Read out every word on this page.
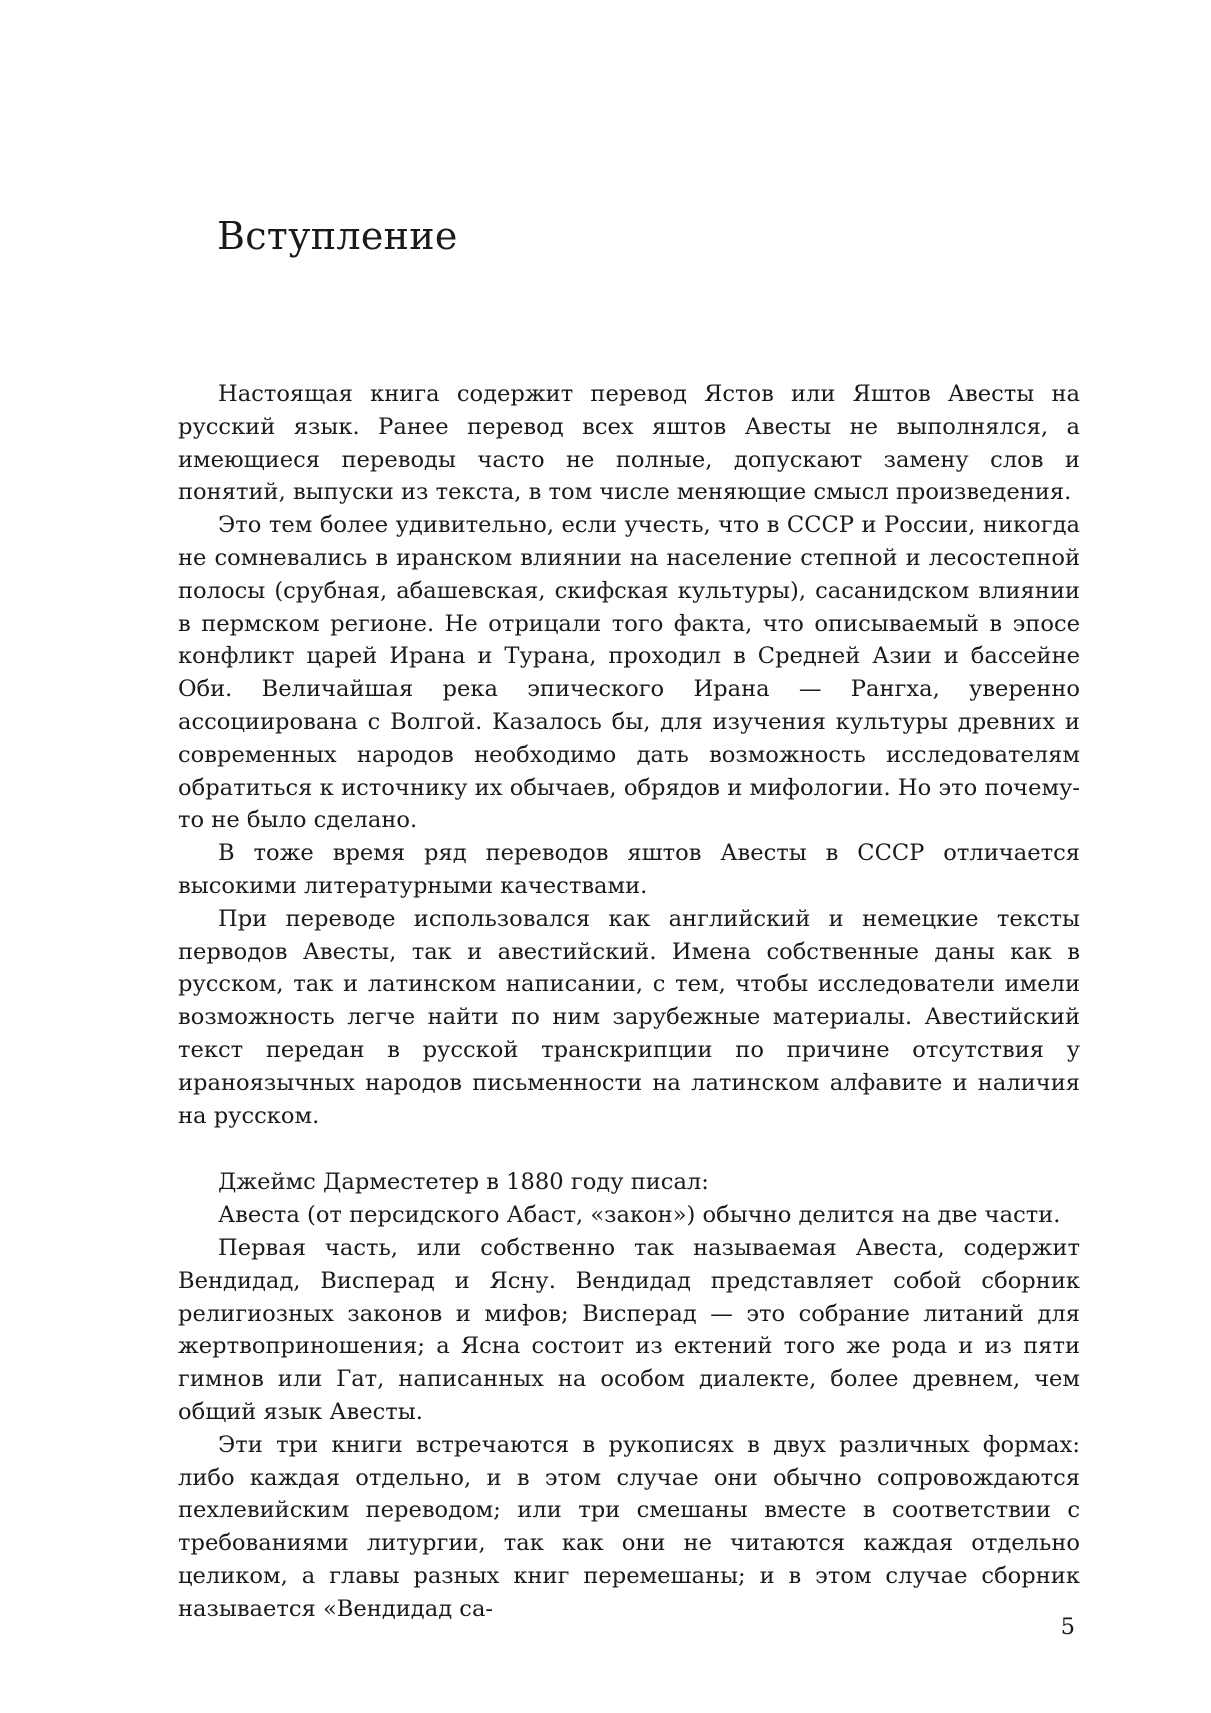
Вступление

Настоящая книга содержит перевод Ястов или Яштов Авесты на русский язык. Ранее перевод всех яштов Авесты не выполнялся, а имеющиеся переводы часто не полные, допускают замену слов и понятий, выпуски из текста, в том числе меняющие смысл произведения.

Это тем более удивительно, если учесть, что в СССР и России, никогда не сомневались в иранском влиянии на население степной и лесостепной полосы (срубная, абашевская, скифская культуры), сасанидском влиянии в пермском регионе. Не отрицали того факта, что описываемый в эпосе конфликт царей Ирана и Турана, проходил в Средней Азии и бассейне Оби. Величайшая река эпического Ирана — Рангха, уверенно ассоциирована с Волгой. Казалось бы, для изучения культуры древних и современных народов необходимо дать возможность исследователям обратиться к источнику их обычаев, обрядов и мифологии. Но это почему-то не было сделано.

В тоже время ряд переводов яштов Авесты в СССР отличается высокими литературными качествами.

При переводе использовался как английский и немецкие тексты перводов Авесты, так и авестийский. Имена собственные даны как в русском, так и латинском написании, с тем, чтобы исследователи имели возможность легче найти по ним зарубежные материалы. Авестийский текст передан в русской транскрипции по причине отсутствия у ираноязычных народов письменности на латинском алфавите и наличия на русском.

Джеймс Дарместетер в 1880 году писал:

Авеста (от персидского Абаст, «закон») обычно делится на две части.

Первая часть, или собственно так называемая Авеста, содержит Вендидад, Висперад и Ясну. Вендидад представляет собой сборник религиозных законов и мифов; Висперад — это собрание литаний для жертвоприношения; а Ясна состоит из ектений того же рода и из пяти гимнов или Гат, написанных на особом диалекте, более древнем, чем общий язык Авесты.

Эти три книги встречаются в рукописях в двух различных формах: либо каждая отдельно, и в этом случае они обычно сопровождаются пехлевийским переводом; или три смешаны вместе в соответствии с требованиями литургии, так как они не читаются каждая отдельно целиком, а главы разных книг перемешаны; и в этом случае сборник называется «Вендидад са-

5
